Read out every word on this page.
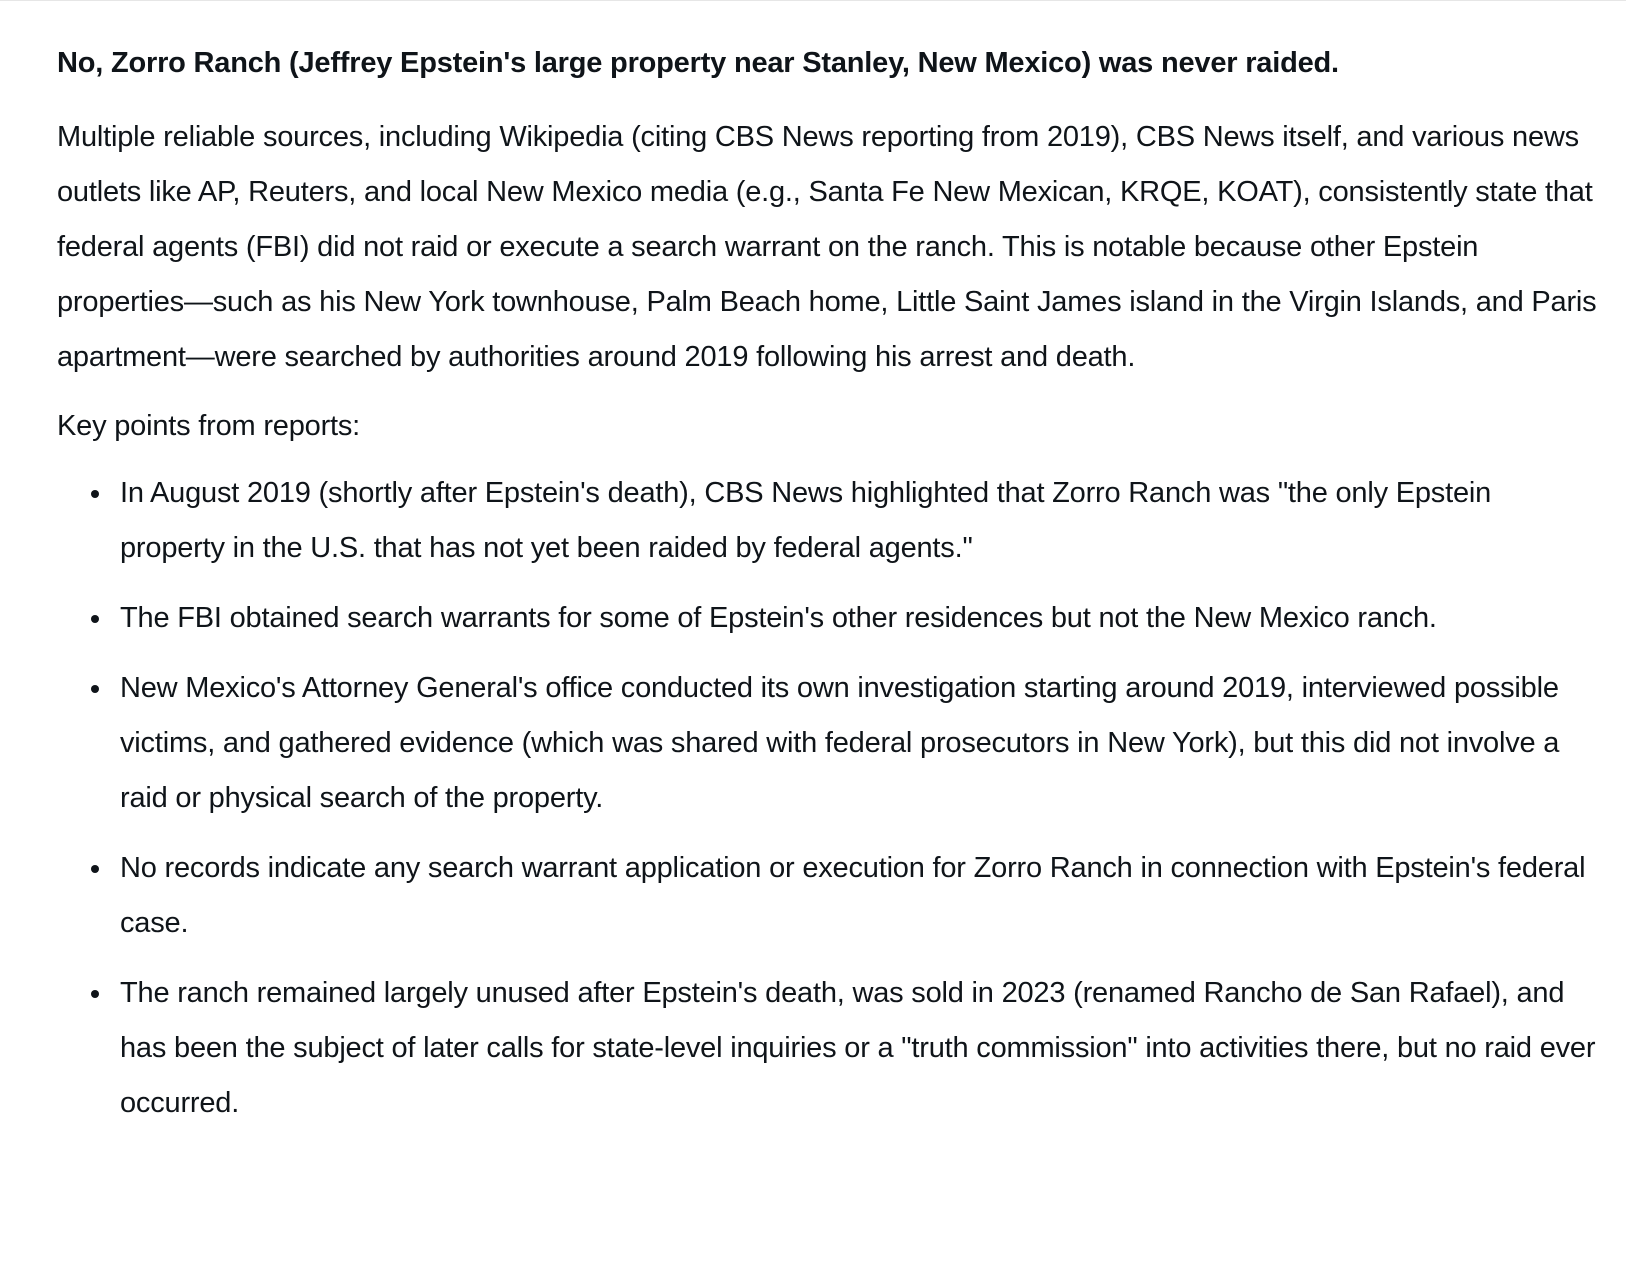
No, Zorro Ranch (Jeffrey Epstein's large property near Stanley, New Mexico) was never raided.

Multiple reliable sources, including Wikipedia (citing CBS News reporting from 2019), CBS News itself, and various news outlets like AP, Reuters, and local New Mexico media (e.g., Santa Fe New Mexican, KRQE, KOAT), consistently state that federal agents (FBI) did not raid or execute a search warrant on the ranch. This is notable because other Epstein properties—such as his New York townhouse, Palm Beach home, Little Saint James island in the Virgin Islands, and Paris apartment—were searched by authorities around 2019 following his arrest and death.

Key points from reports:

In August 2019 (shortly after Epstein's death), CBS News highlighted that Zorro Ranch was "the only Epstein property in the U.S. that has not yet been raided by federal agents."
The FBI obtained search warrants for some of Epstein's other residences but not the New Mexico ranch.
New Mexico's Attorney General's office conducted its own investigation starting around 2019, interviewed possible victims, and gathered evidence (which was shared with federal prosecutors in New York), but this did not involve a raid or physical search of the property.
No records indicate any search warrant application or execution for Zorro Ranch in connection with Epstein's federal case.
The ranch remained largely unused after Epstein's death, was sold in 2023 (renamed Rancho de San Rafael), and has been the subject of later calls for state-level inquiries or a "truth commission" into activities there, but no raid ever occurred.
